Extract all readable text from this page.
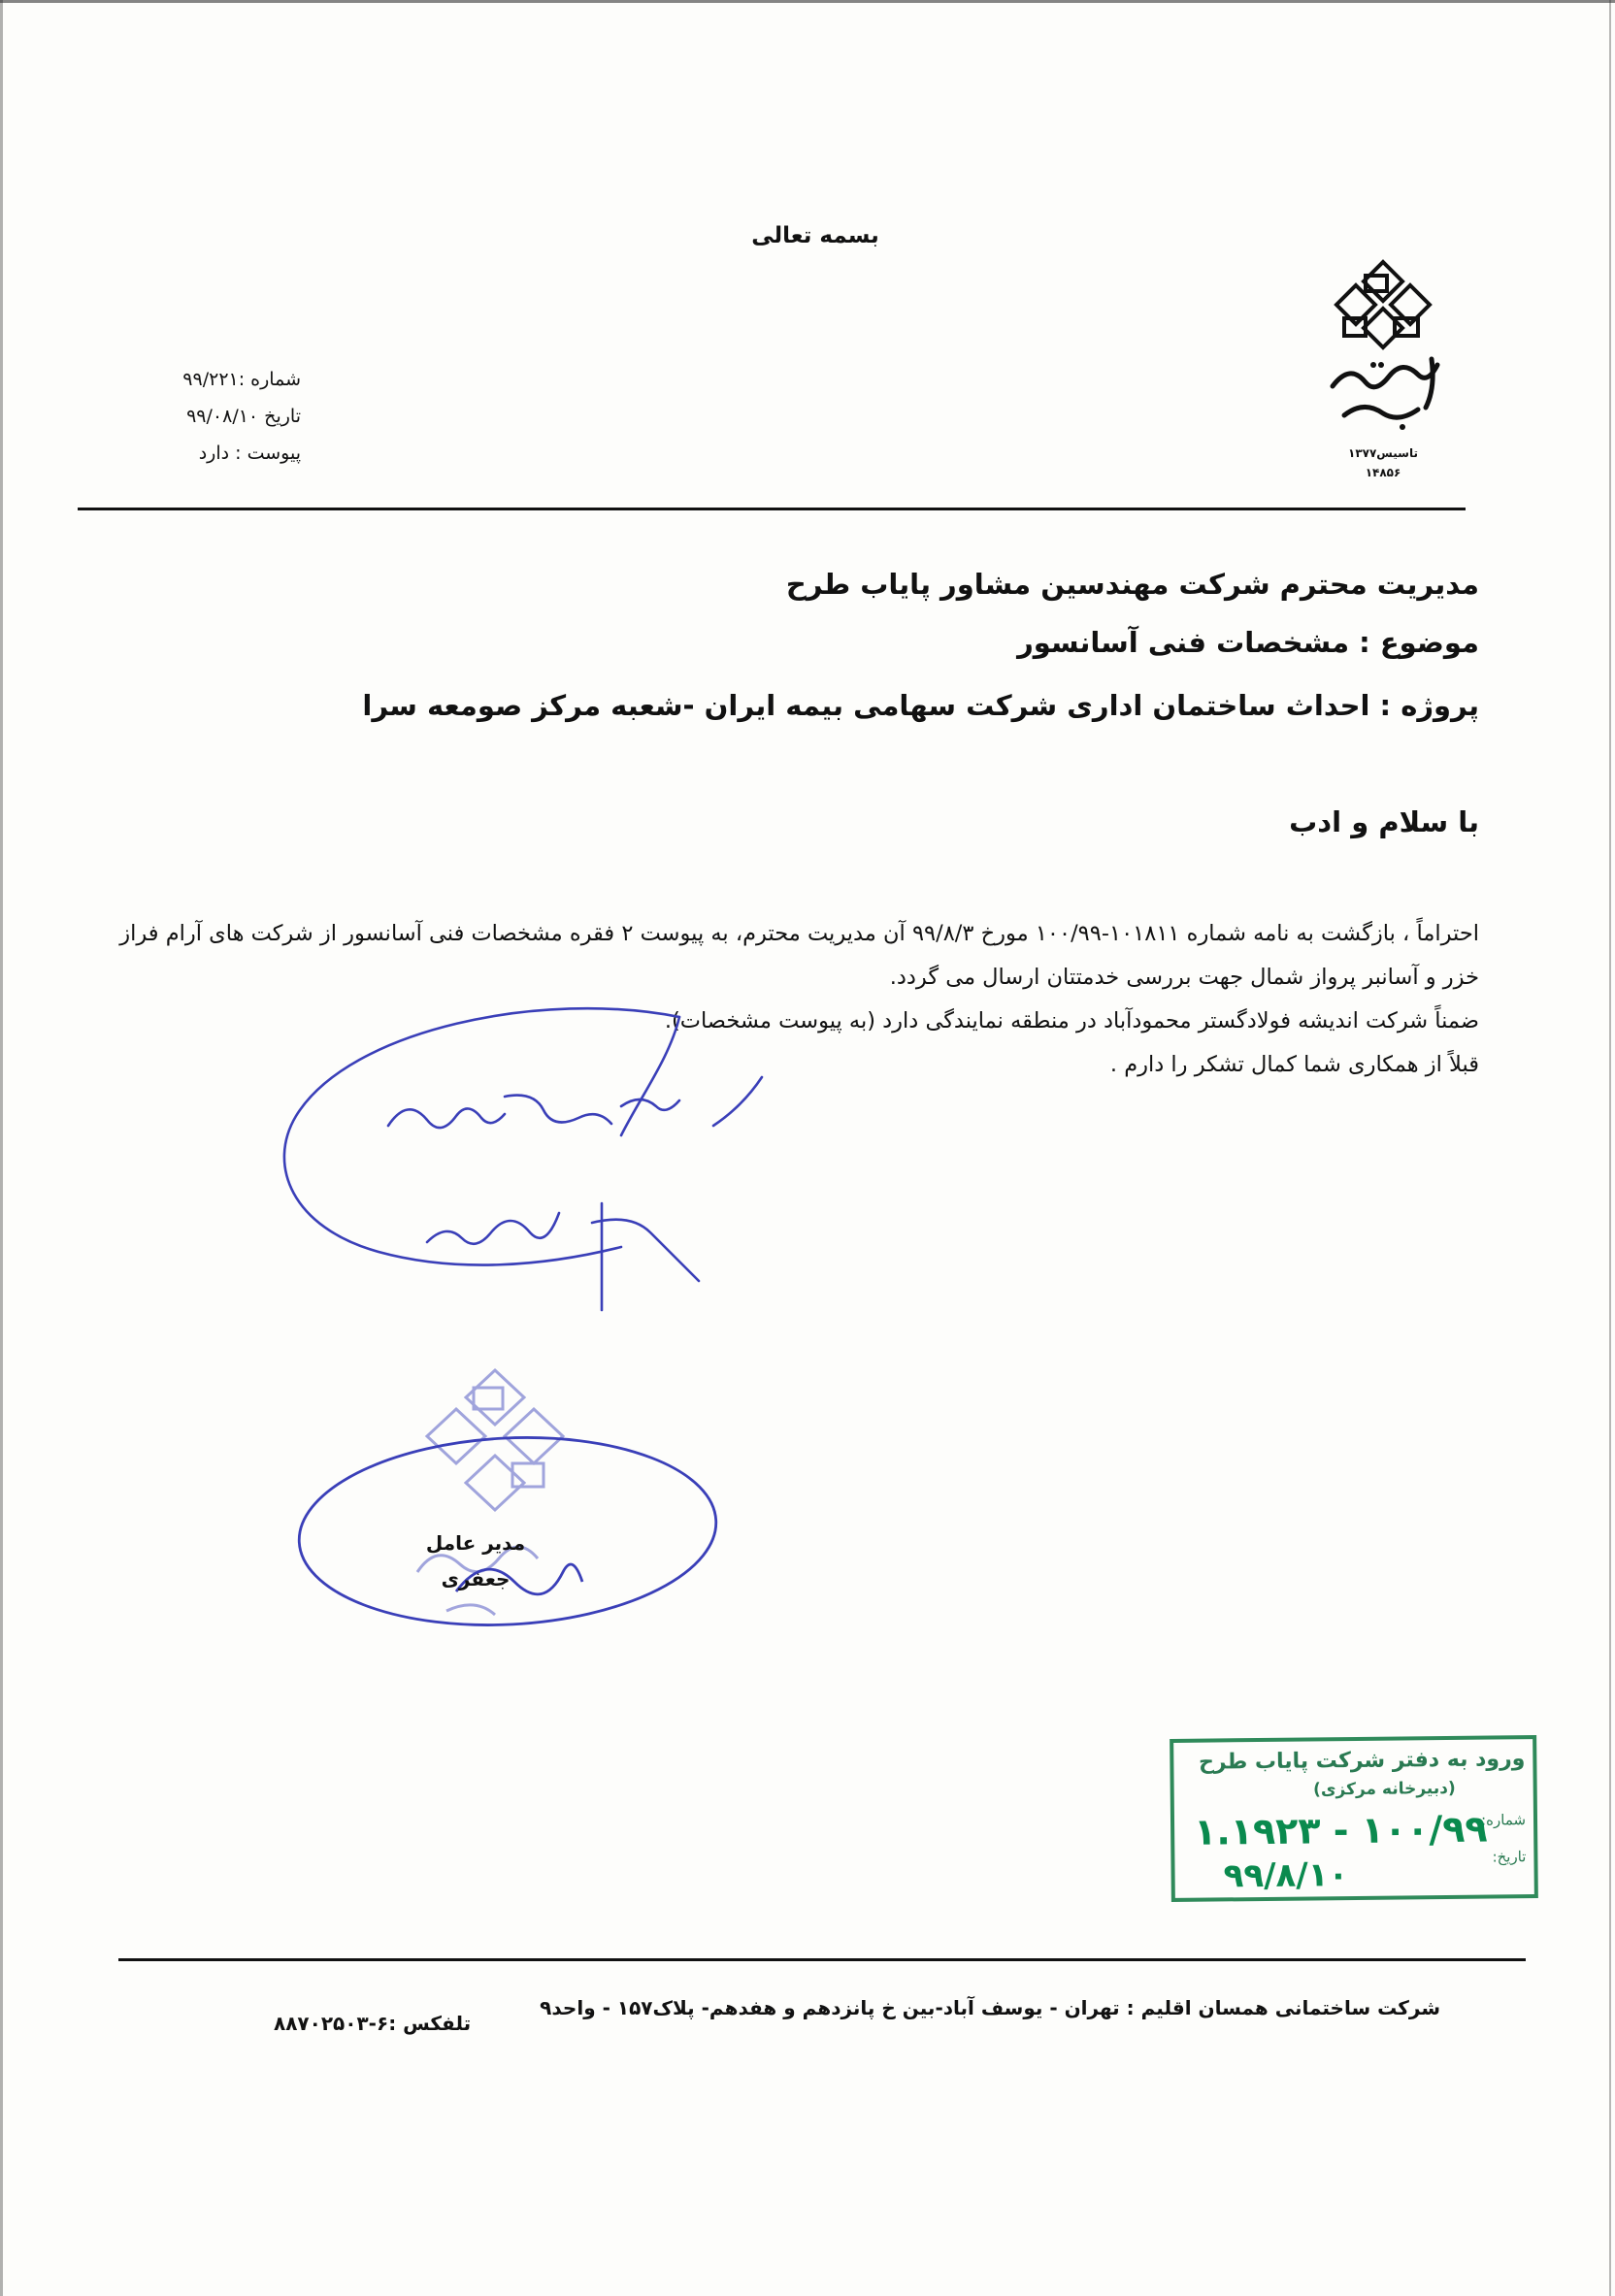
بسمه تعالی
شماره :۹۹/۲۲۱
تاریخ ۹۹/۰۸/۱۰
پیوست : دارد	تاسیس۱۳۷۷
۱۴۸۵۶
مدیریت محترم شرکت مهندسین مشاور پایاب طرح
موضوع : مشخصات فنی آسانسور
پروژه : احداث ساختمان اداری شرکت سهامی بیمه ایران -شعبه مرکز صومعه سرا
با سلام و ادب

احتراماً ، بازگشت به نامه شماره ۱۰۱۸۱۱-۱۰۰/۹۹ مورخ ۹۹/۸/۳ آن مدیریت محترم، به پیوست ۲ فقره مشخصات فنی آسانسور از شرکت های آرام فراز خزر و آسانبر پرواز شمال جهت بررسی خدمتتان ارسال می گردد.

ضمناً شرکت اندیشه فولادگستر محمودآباد در منطقه نمایندگی دارد (به پیوست مشخصات).

قبلاً از همکاری شما کمال تشکر را دارم .

مدیر عامل
جعفری
ورود به دفتر شرکت پایاب طرح
(دبیرخانه مرکزی)
شماره:
تاریخ:
۱۰۰/۹۹ - ۱.۱۹۲۳
۹۹/۸/۱۰
شرکت ساختمانی همسان اقلیم : تهران - یوسف آباد-بین خ پانزدهم و هفدهم- پلاک۱۵۷ - واحد۹
تلفکس :۶-۸۸۷۰۲۵۰۳
